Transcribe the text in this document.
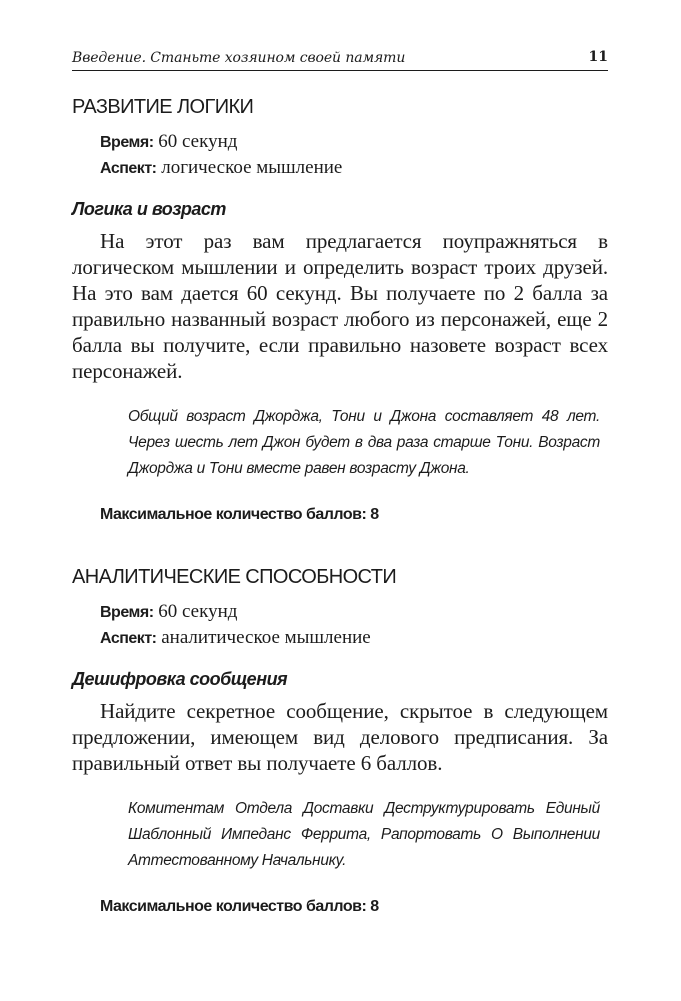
Введение. Станьте хозяином своей памяти	11
РАЗВИТИЕ ЛОГИКИ
Время: 60 секунд
Аспект: логическое мышление
Логика и возраст
На этот раз вам предлагается поупражняться в логическом мышлении и определить возраст троих друзей. На это вам дается 60 секунд. Вы получаете по 2 балла за правильно названный возраст любого из персонажей, еще 2 балла вы получите, если правильно назовете возраст всех персонажей.
Общий возраст Джорджа, Тони и Джона составляет 48 лет. Через шесть лет Джон будет в два раза старше Тони. Возраст Джорджа и Тони вместе равен возрасту Джона.
Максимальное количество баллов: 8
АНАЛИТИЧЕСКИЕ СПОСОБНОСТИ
Время: 60 секунд
Аспект: аналитическое мышление
Дешифровка сообщения
Найдите секретное сообщение, скрытое в следующем предложении, имеющем вид делового предписания. За правильный ответ вы получаете 6 баллов.
Комитентам Отдела Доставки Деструктурировать Единый Шаблонный Импеданс Феррита, Рапортовать О Выполнении Аттестованному Начальнику.
Максимальное количество баллов: 8
